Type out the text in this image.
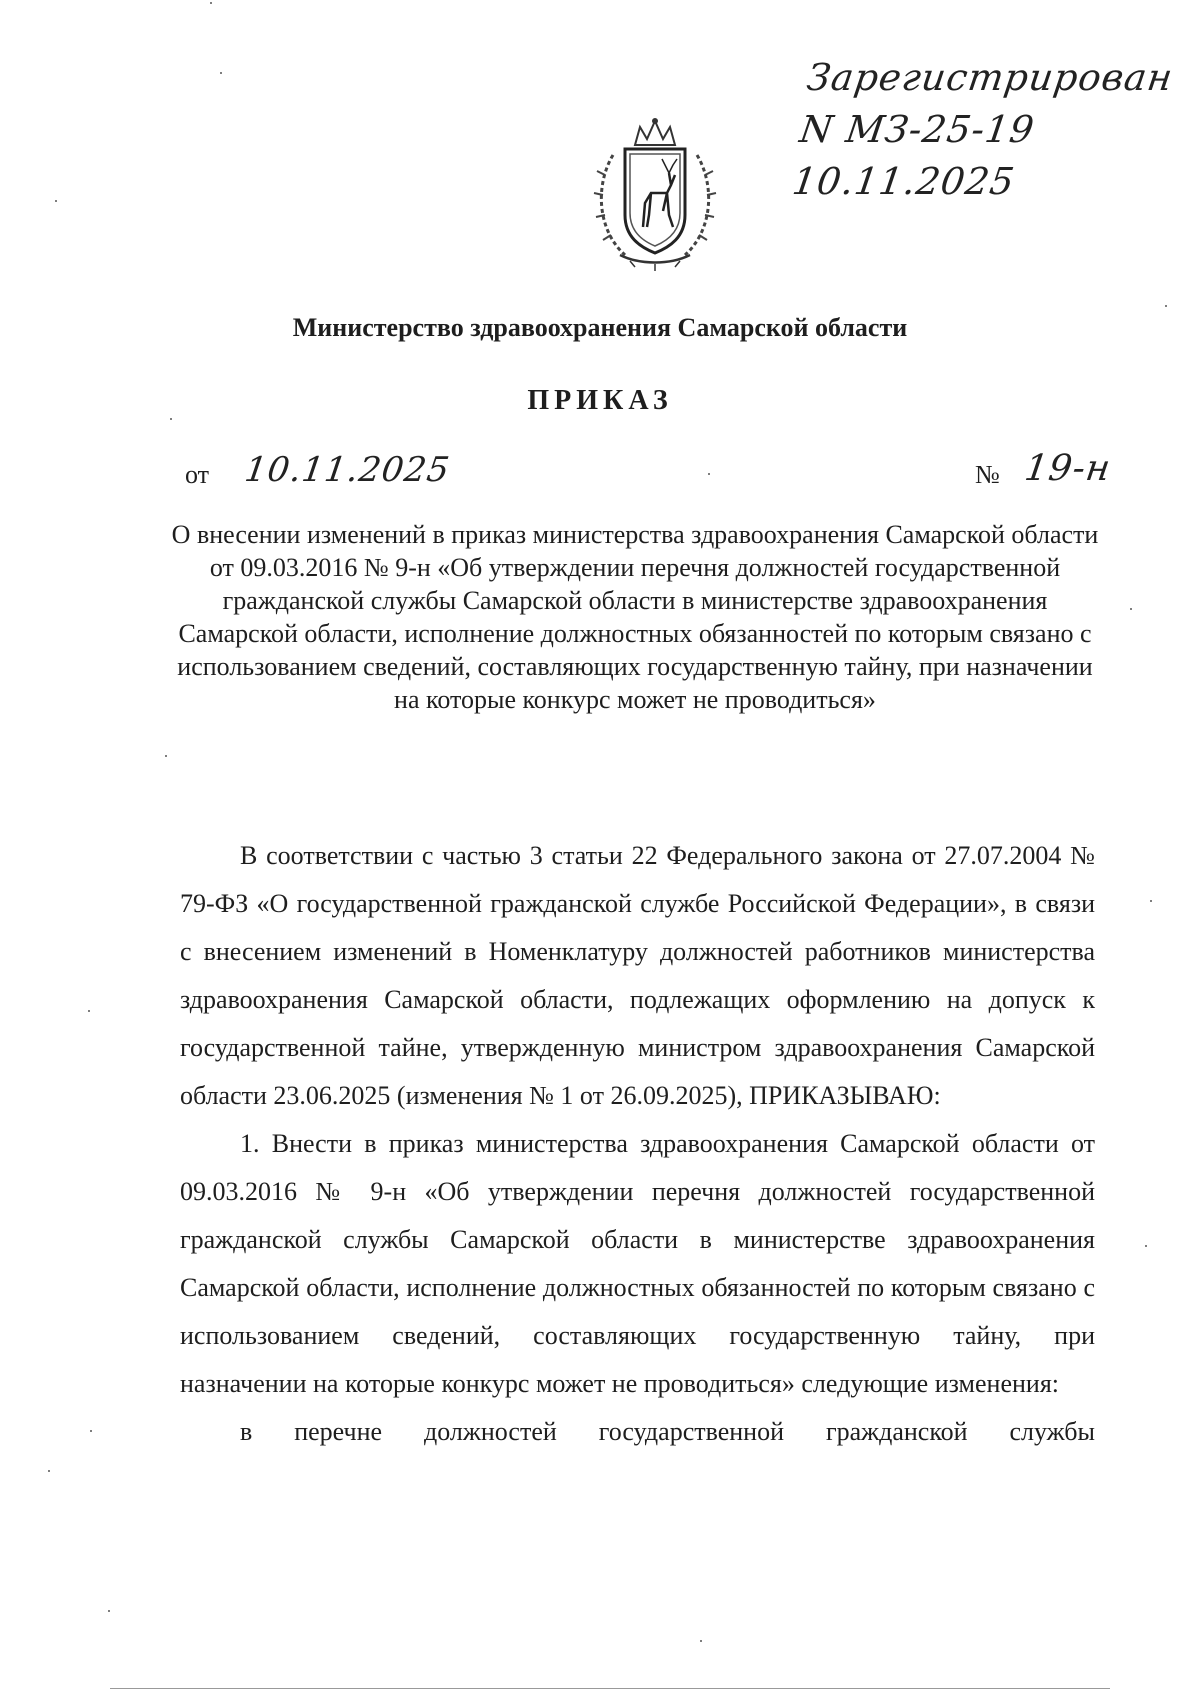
Зарегистрирован
N МЗ-25-19
10.11.2025
Министерство здравоохранения Самарской области
ПРИКАЗ
от 10.11.2025	№ 19-н
О внесении изменений в приказ министерства здравоохранения Самарской области от 09.03.2016 № 9-н «Об утверждении перечня должностей государственной гражданской службы Самарской области в министерстве здравоохранения Самарской области, исполнение должностных обязанностей по которым связано с использованием сведений, составляющих государственную тайну, при назначении на которые конкурс может не проводиться»

В соответствии с частью 3 статьи 22 Федерального закона от 27.07.2004 № 79-ФЗ «О государственной гражданской службе Российской Федерации», в связи с внесением изменений в Номенклатуру должностей работников министерства здравоохранения Самарской области, подлежащих оформлению на допуск к государственной тайне, утвержденную министром здравоохранения Самарской области 23.06.2025 (изменения № 1 от 26.09.2025), ПРИКАЗЫВАЮ:

1. Внести в приказ министерства здравоохранения Самарской области от 09.03.2016 № 9-н «Об утверждении перечня должностей государственной гражданской службы Самарской области в министерстве здравоохранения Самарской области, исполнение должностных обязанностей по которым связано с использованием сведений, составляющих государственную тайну, при назначении на которые конкурс может не проводиться» следующие изменения:

в перечне должностей государственной гражданской службы
